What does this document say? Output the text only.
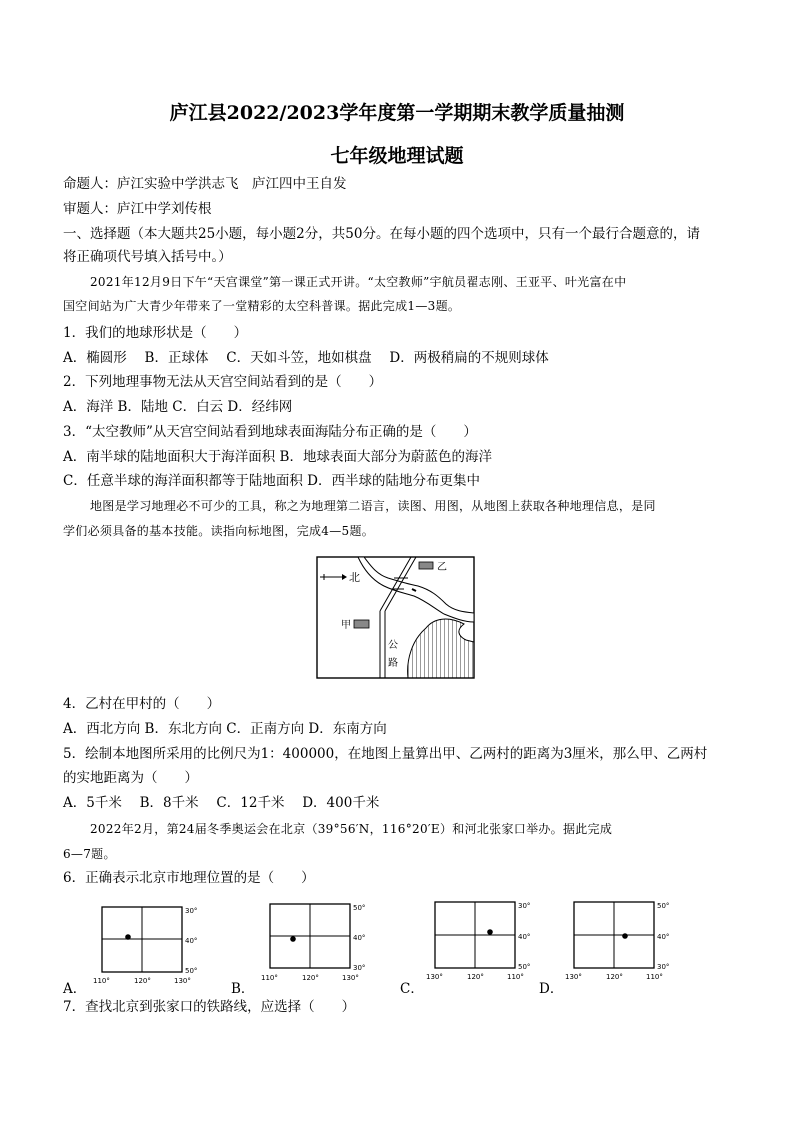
庐江县2022/2023学年度第一学期期末教学质量抽测
七年级地理试题
命题人：庐江实验中学洪志飞　庐江四中王自发
审题人：庐江中学刘传根
一、选择题（本大题共25小题，每小题2分，共50分。在每小题的四个选项中，只有一个最行合题意的，请
将正确项代号填入括号中。）
2021年12月9日下午“天宫课堂”第一课正式开讲。“太空教师”宇航员翟志刚、王亚平、叶光富在中
国空间站为广大青少年带来了一堂精彩的太空科普课。据此完成1—3题。
1．我们的地球形状是（　　）
A．椭圆形　 B．正球体　 C．天如斗笠，地如棋盘　 D．两极稍扁的不规则球体
2．下列地理事物无法从天宫空间站看到的是（　　）
A．海洋 B．陆地 C．白云 D．经纬网
3．“太空教师”从天宫空间站看到地球表面海陆分布正确的是（　　）
A．南半球的陆地面积大于海洋面积 B．地球表面大部分为蔚蓝色的海洋
C．任意半球的海洋面积都等于陆地面积 D．西半球的陆地分布更集中
地图是学习地理必不可少的工具，称之为地理第二语言，读图、用图，从地图上获取各种地理信息，是同
学们必须具备的基本技能。读指向标地图，完成4—5题。
北
乙
甲
公
路
4．乙村在甲村的（　　）
A．西北方向 B．东北方向 C．正南方向 D．东南方向
5．绘制本地图所采用的比例尺为1：400000，在地图上量算出甲、乙两村的距离为3厘米，那么甲、乙两村
的实地距离为（　　）
A．5千米　 B．8千米　 C．12千米　 D．400千米
2022年2月，第24届冬季奥运会在北京（39°56′N，116°20′E）和河北张家口举办。据此完成
6—7题。
6．正确表示北京市地理位置的是（　　）
A．
30°
40°
50°
110°	120°	130°	B．
50°
40°
30°
110°	120°	130°
C．
30°
40°
50°
130°	120°	110°
D．
50°
40°
30°
130°	120°	110°
7．查找北京到张家口的铁路线，应选择（　　）
